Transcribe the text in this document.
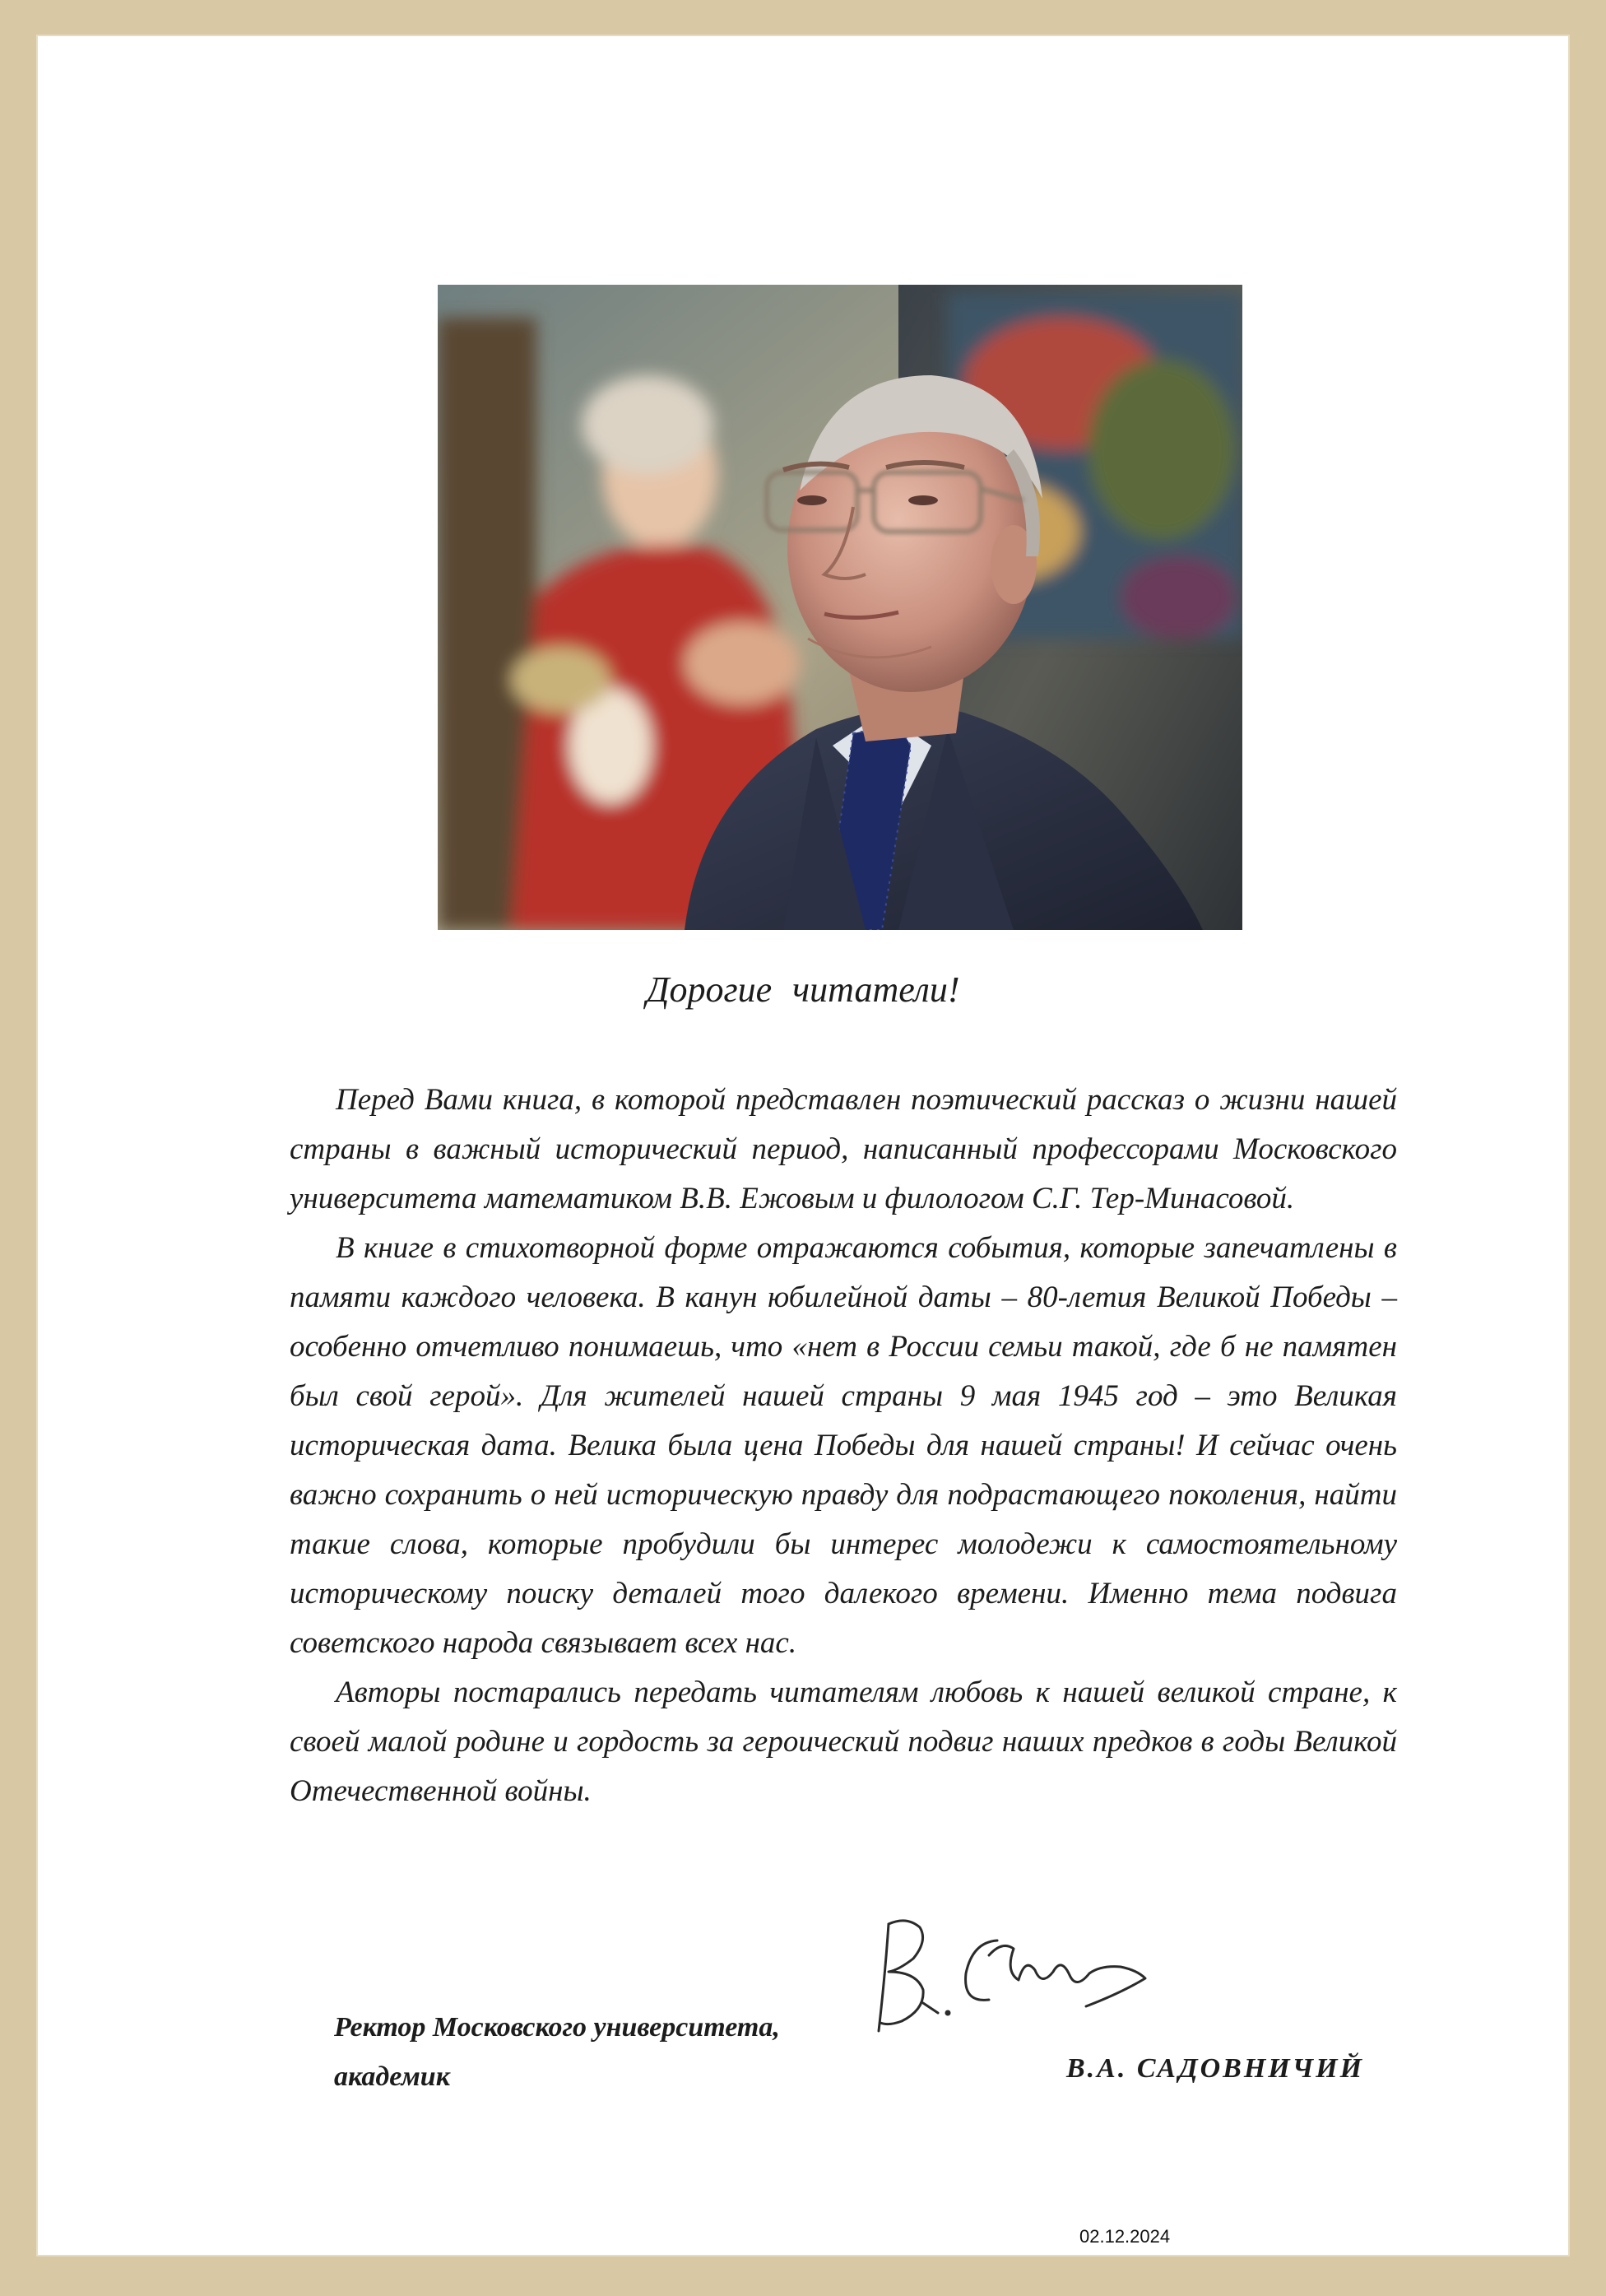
Дорогие читатели!

Перед Вами книга, в которой представлен поэтический рассказ о жизни нашей страны в важный исторический период, написанный профессорами Московского университета математиком В.В. Ежовым и филологом С.Г. Тер-Минасовой.

В книге в стихотворной форме отражаются события, которые запечатлены в памяти каждого человека. В канун юбилейной даты – 80-летия Великой Победы – особенно отчетливо понимаешь, что «нет в России семьи такой, где б не памятен был свой герой». Для жителей нашей страны 9 мая 1945 год – это Великая историческая дата. Велика была цена Победы для нашей страны! И сейчас очень важно сохранить о ней историческую правду для подрастающего поколения, найти такие слова, которые пробудили бы интерес молодежи к самостоятельному историческому поиску деталей того далекого времени. Именно тема подвига советского народа связывает всех нас.

Авторы постарались передать читателям любовь к нашей великой стране, к своей малой родине и гордость за героический подвиг наших предков в годы Великой Отечественной войны.

Ректор Московского университета,
академик	В.А. САДОВНИЧИЙ
02.12.2024
